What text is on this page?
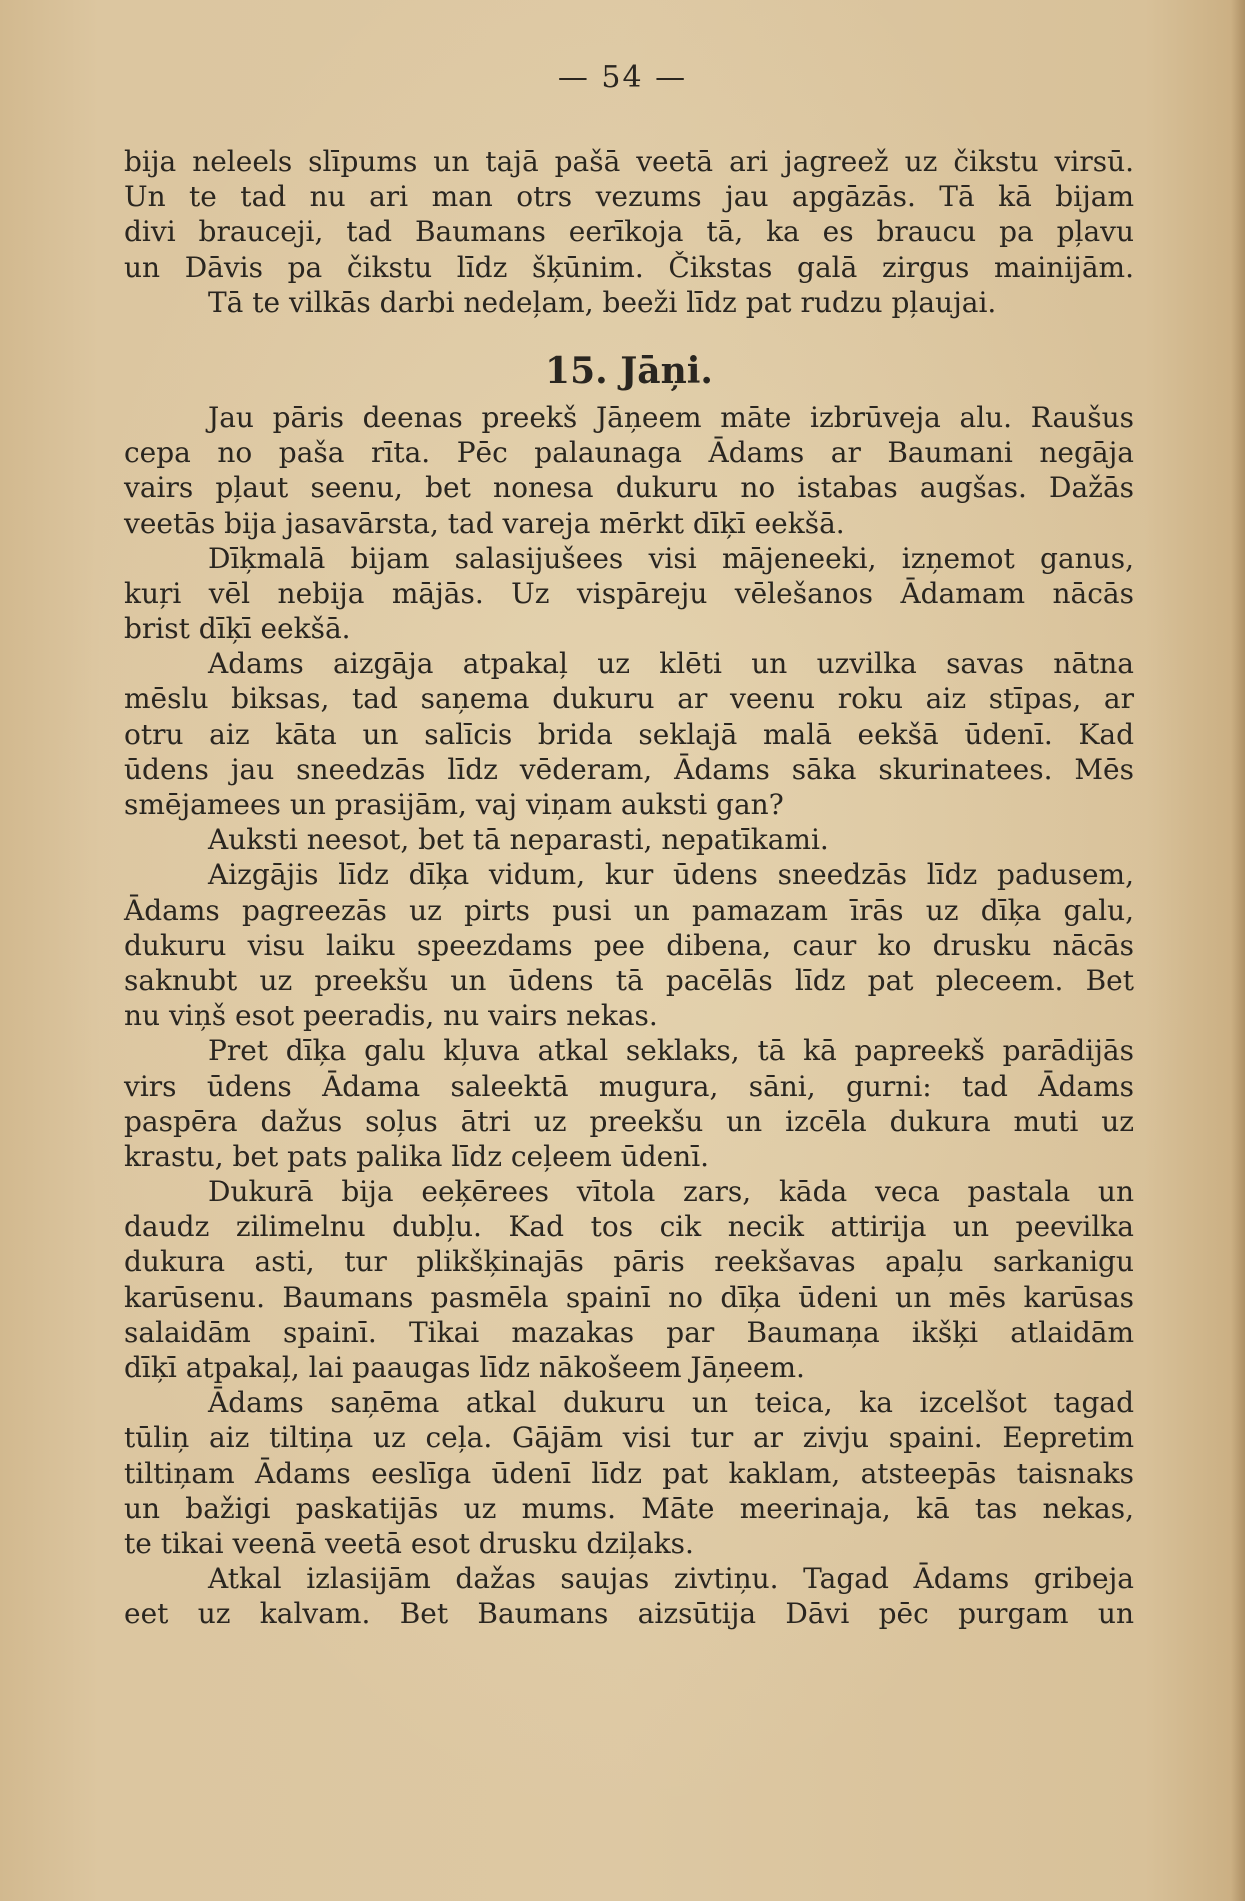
— 54 —
bija neleels slīpums un tajā pašā veetā ari jagreež uz čikstu virsū.
Un te tad nu ari man otrs vezums jau apgāzās. Tā kā bijam
divi brauceji, tad Baumans eerīkoja tā, ka es braucu pa pļavu
un Dāvis pa čikstu līdz šķūnim. Čikstas galā zirgus mainijām.
Tā te vilkās darbi nedeļam, beeži līdz pat rudzu pļaujai.
15. Jāņi.
Jau pāris deenas preekš Jāņeem māte izbrūveja alu. Raušus
cepa no paša rīta. Pēc palaunaga Ādams ar Baumani negāja
vairs pļaut seenu, bet nonesa dukuru no istabas augšas. Dažās
veetās bija jasavārsta, tad vareja mērkt dīķī eekšā.
Dīķmalā bijam salasijušees visi mājeneeki, izņemot ganus,
kuŗi vēl nebija mājās. Uz vispāreju vēlešanos Ādamam nācās
brist dīķī eekšā.
Adams aizgāja atpakaļ uz klēti un uzvilka savas nātna
mēslu biksas, tad saņema dukuru ar veenu roku aiz stīpas, ar
otru aiz kāta un salīcis brida seklajā malā eekšā ūdenī. Kad
ūdens jau sneedzās līdz vēderam, Ādams sāka skurinatees. Mēs
smējamees un prasijām, vaj viņam auksti gan?
Auksti neesot, bet tā neparasti, nepatīkami.
Aizgājis līdz dīķa vidum, kur ūdens sneedzās līdz padusem,
Ādams pagreezās uz pirts pusi un pamazam īrās uz dīķa galu,
dukuru visu laiku speezdams pee dibena, caur ko drusku nācās
saknubt uz preekšu un ūdens tā pacēlās līdz pat pleceem. Bet
nu viņš esot peeradis, nu vairs nekas.
Pret dīķa galu kļuva atkal seklaks, tā kā papreekš parādijās
virs ūdens Ādama saleektā mugura, sāni, gurni: tad Ādams
paspēra dažus soļus ātri uz preekšu un izcēla dukura muti uz
krastu, bet pats palika līdz ceļeem ūdenī.
Dukurā bija eeķērees vītola zars, kāda veca pastala un
daudz zilimelnu dubļu. Kad tos cik necik attirija un peevilka
dukura asti, tur plikšķinajās pāris reekšavas apaļu sarkanigu
karūsenu. Baumans pasmēla spainī no dīķa ūdeni un mēs karūsas
salaidām spainī. Tikai mazakas par Baumaņa ikšķi atlaidām
dīķī atpakaļ, lai paaugas līdz nākošeem Jāņeem.
Ādams saņēma atkal dukuru un teica, ka izcelšot tagad
tūliņ aiz tiltiņa uz ceļa. Gājām visi tur ar zivju spaini. Eepretim
tiltiņam Ādams eeslīga ūdenī līdz pat kaklam, atsteepās taisnaks
un bažigi paskatijās uz mums. Māte meerinaja, kā tas nekas,
te tikai veenā veetā esot drusku dziļaks.
Atkal izlasijām dažas saujas zivtiņu. Tagad Ādams gribeja
eet uz kalvam. Bet Baumans aizsūtija Dāvi pēc purgam un
